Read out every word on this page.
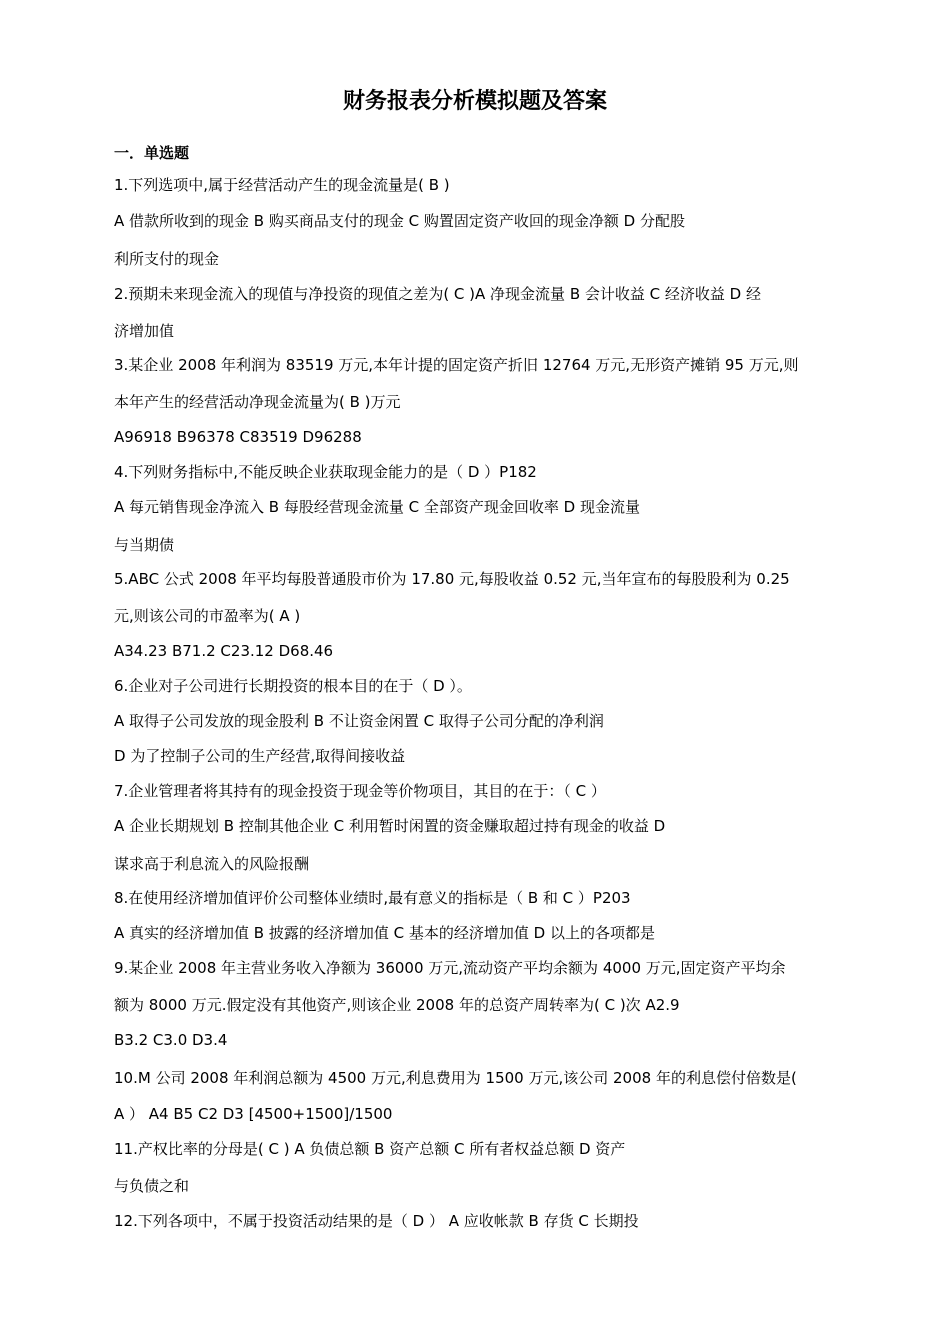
财务报表分析模拟题及答案
一．单选题
1.下列选项中,属于经营活动产生的现金流量是( B )
A 借款所收到的现金 B 购买商品支付的现金 C 购置固定资产收回的现金净额 D 分配股
利所支付的现金
2.预期未来现金流入的现值与净投资的现值之差为( C )A 净现金流量 B 会计收益 C 经济收益 D 经
济增加值
3.某企业 2008 年利润为 83519 万元,本年计提的固定资产折旧 12764 万元,无形资产摊销 95 万元,则
本年产生的经营活动净现金流量为( B )万元
A96918 B96378 C83519 D96288
4.下列财务指标中,不能反映企业获取现金能力的是（ D ）P182
A 每元销售现金净流入 B 每股经营现金流量 C 全部资产现金回收率 D 现金流量
与当期债
5.ABC 公式 2008 年平均每股普通股市价为 17.80 元,每股收益 0.52 元,当年宣布的每股股利为 0.25
元,则该公司的市盈率为( A )
A34.23 B71.2 C23.12 D68.46
6.企业对子公司进行长期投资的根本目的在于（ D ）。
A 取得子公司发放的现金股利 B 不让资金闲置 C 取得子公司分配的净利润
D 为了控制子公司的生产经营,取得间接收益
7.企业管理者将其持有的现金投资于现金等价物项目，其目的在于：（ C ）
A 企业长期规划 B 控制其他企业 C 利用暂时闲置的资金赚取超过持有现金的收益 D
谋求高于利息流入的风险报酬
8.在使用经济增加值评价公司整体业绩时,最有意义的指标是（ B 和 C ）P203
A 真实的经济增加值 B 披露的经济增加值 C 基本的经济增加值 D 以上的各项都是
9.某企业 2008 年主营业务收入净额为 36000 万元,流动资产平均余额为 4000 万元,固定资产平均余
额为 8000 万元.假定没有其他资产,则该企业 2008 年的总资产周转率为( C )次 A2.9
B3.2 C3.0 D3.4
10.M 公司 2008 年利润总额为 4500 万元,利息费用为 1500 万元,该公司 2008 年的利息偿付倍数是(
A ） A4 B5 C2 D3 [4500+1500]/1500
11.产权比率的分母是( C ) A 负债总额 B 资产总额 C 所有者权益总额 D 资产
与负债之和
12.下列各项中，不属于投资活动结果的是（ D ） A 应收帐款 B 存货 C 长期投
